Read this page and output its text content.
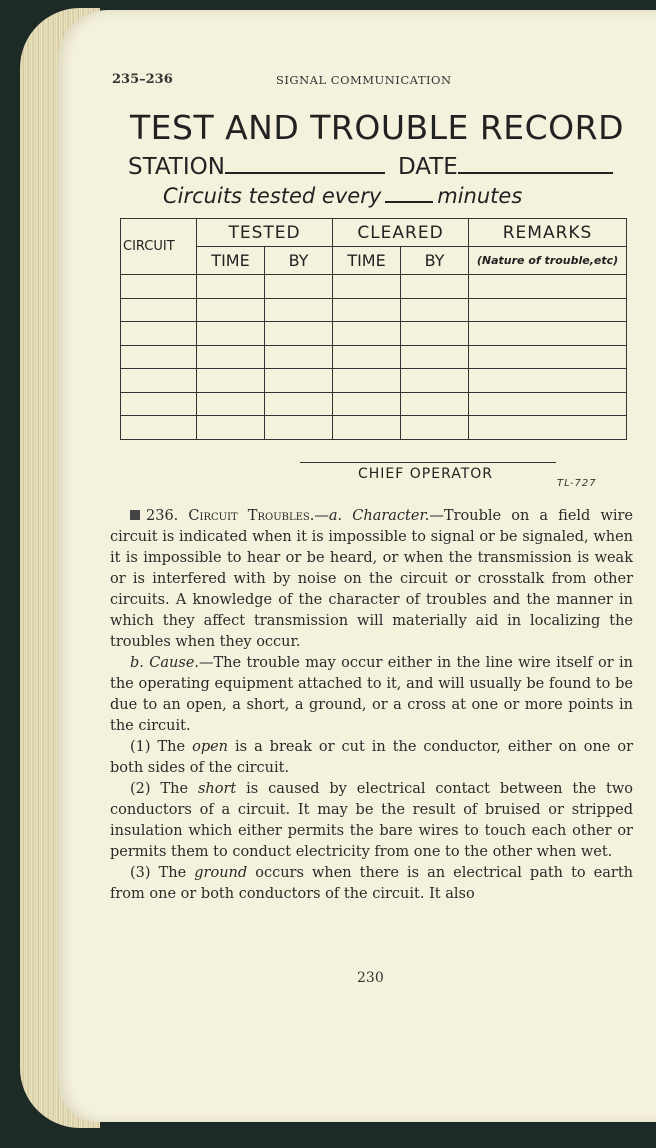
235–236	SIGNAL COMMUNICATION
TEST AND TROUBLE RECORD
STATION	DATE
Circuits tested every	minutes
CIRCUIT	TESTED		CLEARED		REMARKS
	TIME	BY	TIME	BY	(Nature of trouble,etc)

CHIEF OPERATOR
TL-727

236. Circuit Troubles.—a. Character.—Trouble on a field wire circuit is indicated when it is impossible to signal or be signaled, when it is impossible to hear or be heard, or when the transmission is weak or is interfered with by noise on the circuit or crosstalk from other circuits. A knowledge of the character of troubles and the manner in which they affect transmission will materially aid in localizing the troubles when they occur.

b. Cause.—The trouble may occur either in the line wire itself or in the operating equipment attached to it, and will usually be found to be due to an open, a short, a ground, or a cross at one or more points in the circuit.

(1) The open is a break or cut in the conductor, either on one or both sides of the circuit.

(2) The short is caused by electrical contact between the two conductors of a circuit. It may be the result of bruised or stripped insulation which either permits the bare wires to touch each other or permits them to conduct electricity from one to the other when wet.

(3) The ground occurs when there is an electrical path to earth from one or both conductors of the circuit. It also

230
